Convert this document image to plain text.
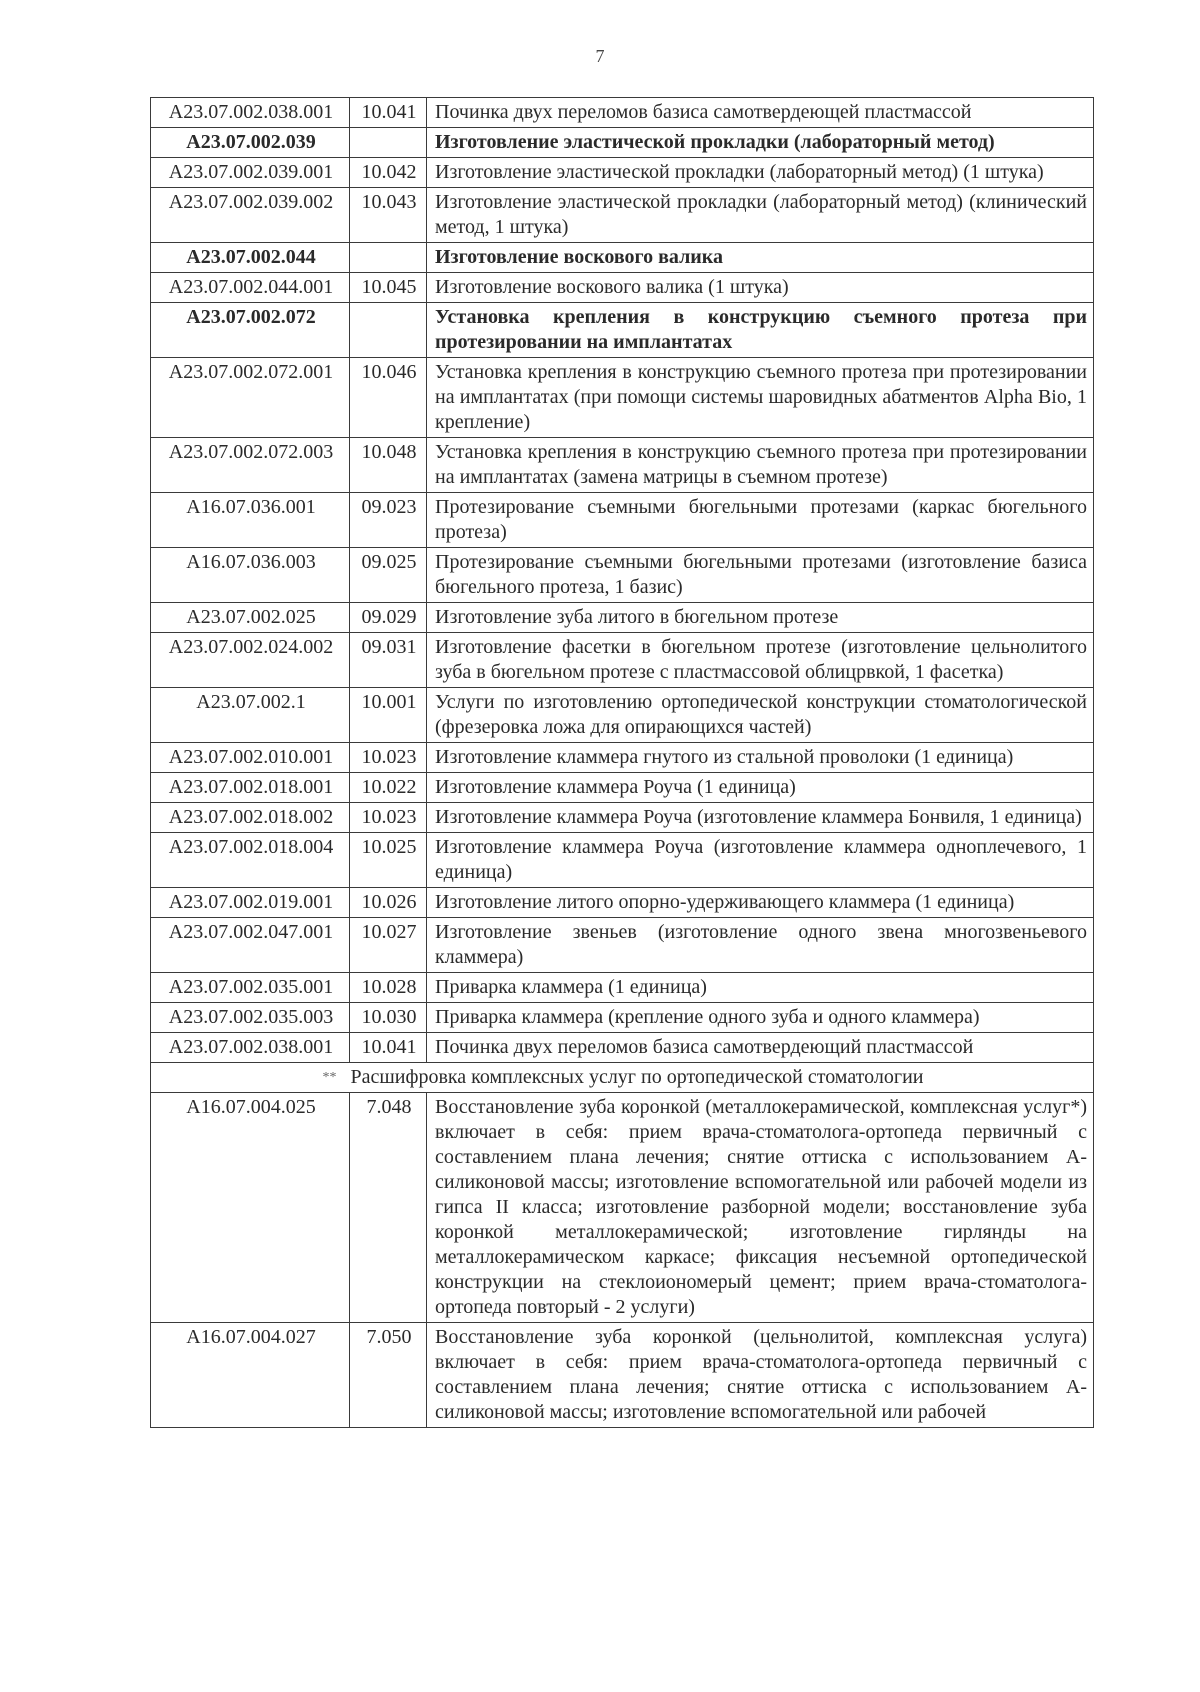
7
А23.07.002.038.001	10.041	Починка двух переломов базиса самотвердеющей пластмассой
А23.07.002.039		Изготовление эластической прокладки (лабораторный метод)
А23.07.002.039.001	10.042	Изготовление эластической прокладки (лабораторный метод) (1 штука)
А23.07.002.039.002	10.043	Изготовление эластической прокладки (лабораторный метод) (клинический метод, 1 штука)
А23.07.002.044		Изготовление воскового валика
А23.07.002.044.001	10.045	Изготовление воскового валика (1 штука)
А23.07.002.072		Установка крепления в конструкцию съемного протеза при протезировании на имплантатах
А23.07.002.072.001	10.046	Установка крепления в конструкцию съемного протеза при протезировании на имплантатах (при помощи системы шаровидных абатментов Alpha Bio, 1 крепление)
А23.07.002.072.003	10.048	Установка крепления в конструкцию съемного протеза при протезировании на имплантатах (замена матрицы в съемном протезе)
А16.07.036.001	09.023	Протезирование съемными бюгельными протезами (каркас бюгельного протеза)
А16.07.036.003	09.025	Протезирование съемными бюгельными протезами (изготовление базиса бюгельного протеза, 1 базис)
А23.07.002.025	09.029	Изготовление зуба литого в бюгельном протезе
А23.07.002.024.002	09.031	Изготовление фасетки в бюгельном протезе (изготовление цельнолитого зуба в бюгельном протезе с пластмассовой облицрвкой, 1 фасетка)
А23.07.002.1	10.001	Услуги по изготовлению ортопедической конструкции стоматологической (фрезеровка ложа для опирающихся частей)
А23.07.002.010.001	10.023	Изготовление кламмера гнутого из стальной проволоки (1 единица)
А23.07.002.018.001	10.022	Изготовление кламмера Роуча (1 единица)
А23.07.002.018.002	10.023	Изготовление кламмера Роуча (изготовление кламмера Бонвиля, 1 единица)
А23.07.002.018.004	10.025	Изготовление кламмера Роуча (изготовление кламмера одноплечевого, 1 единица)
А23.07.002.019.001	10.026	Изготовление литого опорно-удерживающего кламмера (1 единица)
А23.07.002.047.001	10.027	Изготовление звеньев (изготовление одного звена многозвеньевого кламмера)
А23.07.002.035.001	10.028	Приварка кламмера (1 единица)
А23.07.002.035.003	10.030	Приварка кламмера (крепление одного зуба и одного кламмера)
А23.07.002.038.001	10.041	Починка двух переломов базиса самотвердеющий пластмассой
** Расшифровка комплексных услуг по ортопедической стоматологии		
А16.07.004.025	7.048	Восстановление зуба коронкой (металлокерамической, комплексная услуг*) включает в себя: прием врача-стоматолога-ортопеда первичный с составлением плана лечения; снятие оттиска с использованием А-силиконовой массы; изготовление вспомогательной или рабочей модели из гипса II класса; изготовление разборной модели; восстановление зуба коронкой металлокерамической; изготовление гирлянды на металлокерамическом каркасе; фиксация несъемной ортопедической конструкции на стеклоиономерый цемент; прием врача-стоматолога-ортопеда повторый - 2 услуги)
А16.07.004.027	7.050	Восстановление зуба коронкой (цельнолитой, комплексная услуга) включает в себя: прием врача-стоматолога-ортопеда первичный с составлением плана лечения; снятие оттиска с использованием А-силиконовой массы; изготовление вспомогательной или рабочей
